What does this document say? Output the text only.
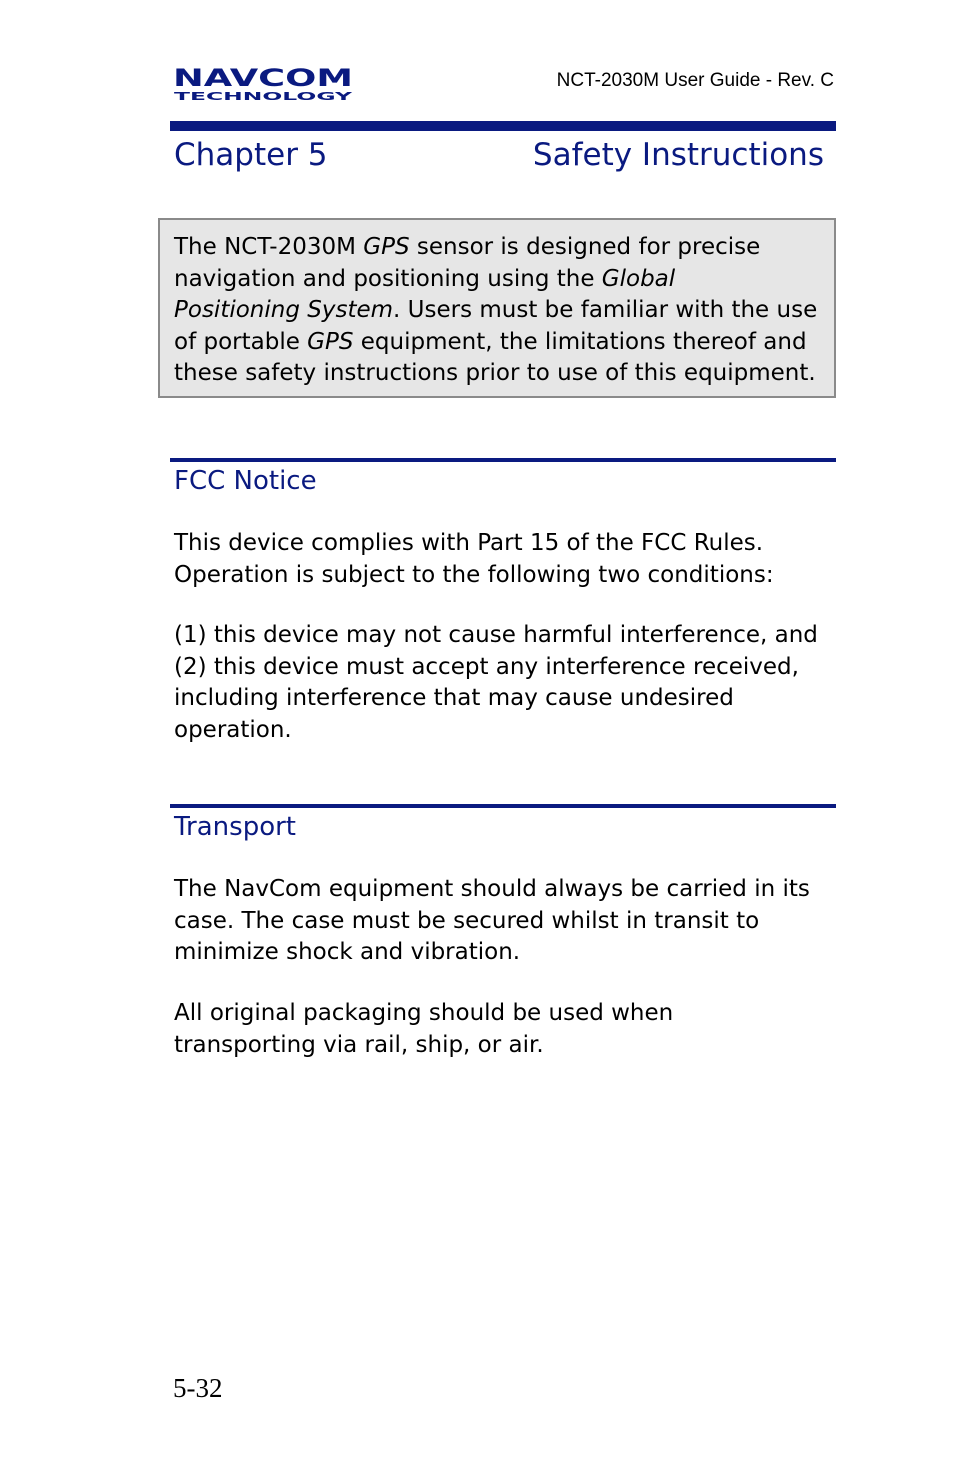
NAVCOM
TECHNOLOGY
NCT-2030M User Guide - Rev. C
Chapter 5	Safety Instructions
The NCT-2030M GPS sensor is designed for precise
navigation and positioning using the Global
Positioning System. Users must be familiar with the use
of portable GPS equipment, the limitations thereof and
these safety instructions prior to use of this equipment.
FCC Notice
This device complies with Part 15 of the FCC Rules.
Operation is subject to the following two conditions:
(1) this device may not cause harmful interference, and
(2) this device must accept any interference received,
including interference that may cause undesired
operation.
Transport
The NavCom equipment should always be carried in its
case. The case must be secured whilst in transit to
minimize shock and vibration.
All original packaging should be used when
transporting via rail, ship, or air.
5-32
